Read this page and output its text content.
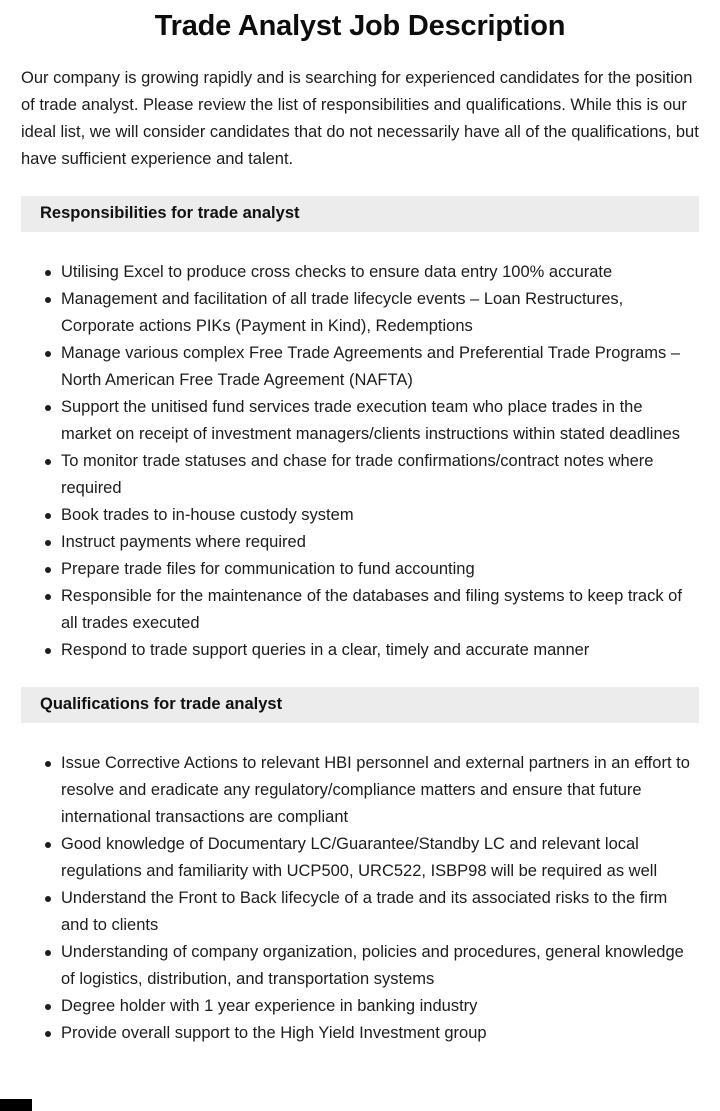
Trade Analyst Job Description

Our company is growing rapidly and is searching for experienced candidates for the position of trade analyst. Please review the list of responsibilities and qualifications. While this is our ideal list, we will consider candidates that do not necessarily have all of the qualifications, but have sufficient experience and talent.

Responsibilities for trade analyst
Utilising Excel to produce cross checks to ensure data entry 100% accurate
Management and facilitation of all trade lifecycle events – Loan Restructures, Corporate actions PIKs (Payment in Kind), Redemptions
Manage various complex Free Trade Agreements and Preferential Trade Programs – North American Free Trade Agreement (NAFTA)
Support the unitised fund services trade execution team who place trades in the market on receipt of investment managers/clients instructions within stated deadlines
To monitor trade statuses and chase for trade confirmations/contract notes where required
Book trades to in-house custody system
Instruct payments where required
Prepare trade files for communication to fund accounting
Responsible for the maintenance of the databases and filing systems to keep track of all trades executed
Respond to trade support queries in a clear, timely and accurate manner
Qualifications for trade analyst
Issue Corrective Actions to relevant HBI personnel and external partners in an effort to resolve and eradicate any regulatory/compliance matters and ensure that future international transactions are compliant
Good knowledge of Documentary LC/Guarantee/Standby LC and relevant local regulations and familiarity with UCP500, URC522, ISBP98 will be required as well
Understand the Front to Back lifecycle of a trade and its associated risks to the firm and to clients
Understanding of company organization, policies and procedures, general knowledge of logistics, distribution, and transportation systems
Degree holder with 1 year experience in banking industry
Provide overall support to the High Yield Investment group
